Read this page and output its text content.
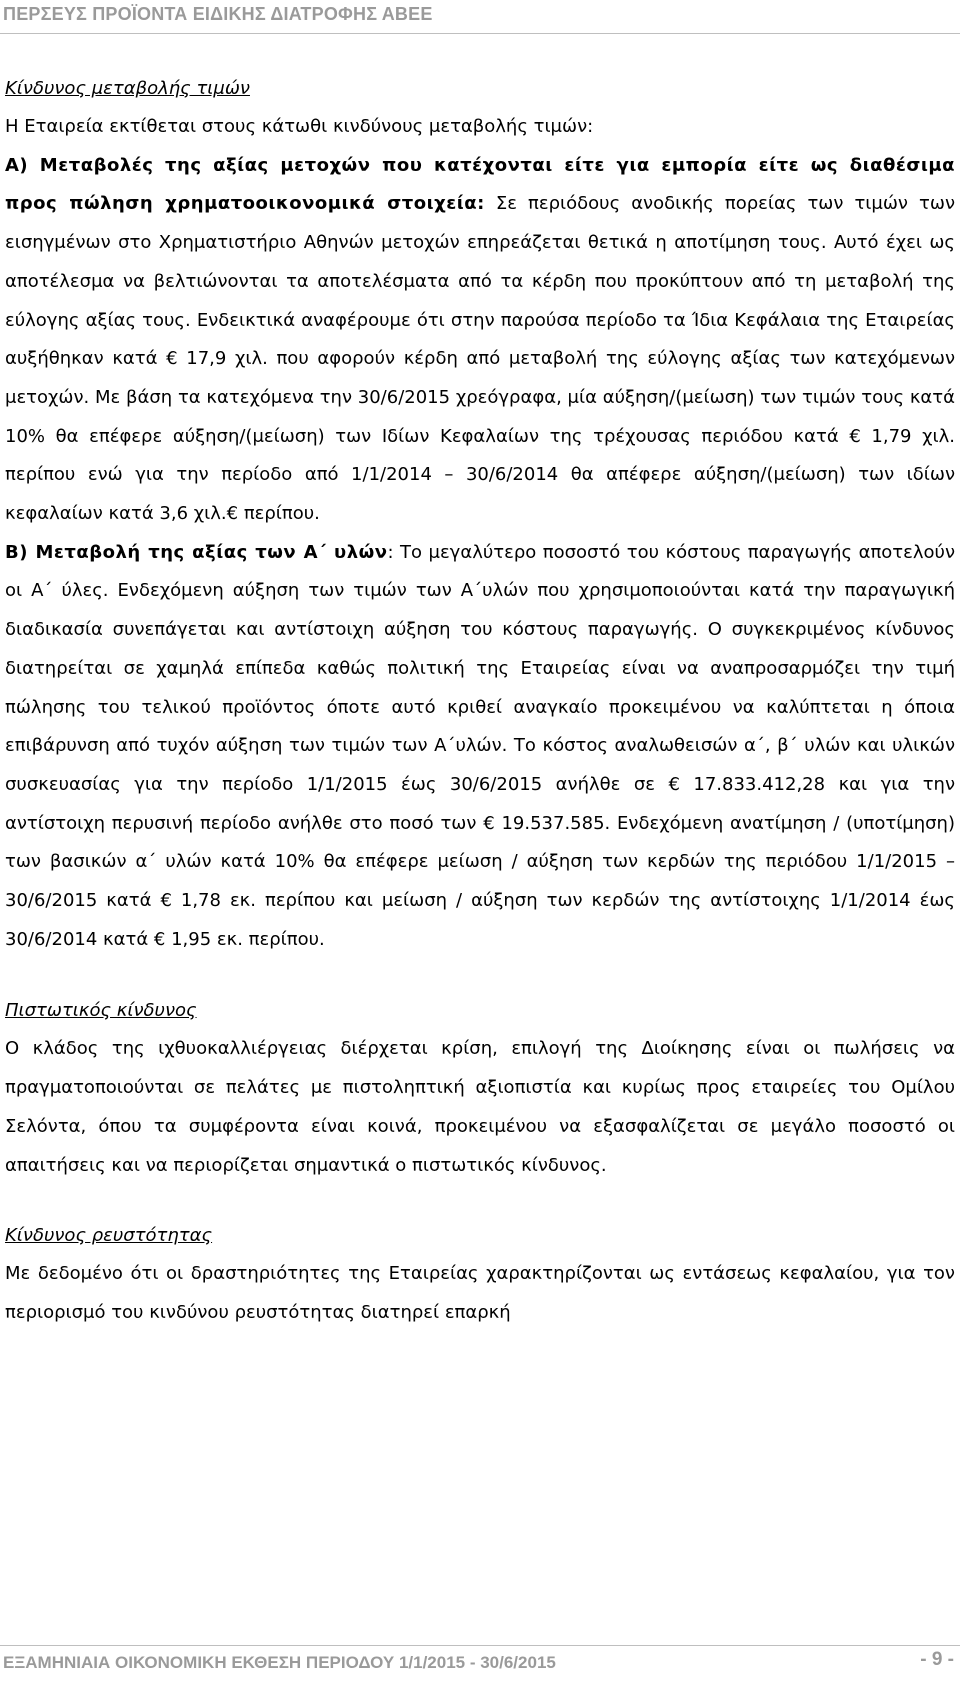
ΠΕΡΣΕΥΣ ΠΡΟΪΟΝΤΑ ΕΙΔΙΚΗΣ ΔΙΑΤΡΟΦΗΣ ΑΒΕΕ
Κίνδυνος μεταβολής τιμών

Η Εταιρεία εκτίθεται στους κάτωθι κινδύνους μεταβολής τιμών:

Α) Μεταβολές της αξίας μετοχών που κατέχονται είτε για εμπορία είτε ως διαθέσιμα προς πώληση χρηματοοικονομικά στοιχεία: Σε περιόδους ανοδικής πορείας των τιμών των εισηγμένων στο Χρηματιστήριο Αθηνών μετοχών επηρεάζεται θετικά η αποτίμηση τους. Αυτό έχει ως αποτέλεσμα να βελτιώνονται τα αποτελέσματα από τα κέρδη που προκύπτουν από τη μεταβολή της εύλογης αξίας τους. Ενδεικτικά αναφέρουμε ότι στην παρούσα περίοδο τα Ίδια Κεφάλαια της Εταιρείας αυξήθηκαν κατά € 17,9 χιλ. που αφορούν κέρδη από μεταβολή της εύλογης αξίας των κατεχόμενων μετοχών. Με βάση τα κατεχόμενα την 30/6/2015 χρεόγραφα, μία αύξηση/(μείωση) των τιμών τους κατά 10% θα επέφερε αύξηση/(μείωση) των Ιδίων Κεφαλαίων της τρέχουσας περιόδου κατά € 1,79 χιλ. περίπου ενώ για την περίοδο από 1/1/2014 – 30/6/2014 θα απέφερε αύξηση/(μείωση) των ιδίων κεφαλαίων κατά 3,6 χιλ.€ περίπου.

Β) Μεταβολή της αξίας των Α΄ υλών: Το μεγαλύτερο ποσοστό του κόστους παραγωγής αποτελούν οι Α΄ ύλες. Ενδεχόμενη αύξηση των τιμών των Α΄υλών που χρησιμοποιούνται κατά την παραγωγική διαδικασία συνεπάγεται και αντίστοιχη αύξηση του κόστους παραγωγής. Ο συγκεκριμένος κίνδυνος διατηρείται σε χαμηλά επίπεδα καθώς πολιτική της Εταιρείας είναι να αναπροσαρμόζει την τιμή πώλησης του τελικού προϊόντος όποτε αυτό κριθεί αναγκαίο προκειμένου να καλύπτεται η όποια επιβάρυνση από τυχόν αύξηση των τιμών των Α΄υλών. Το κόστος αναλωθεισών α΄, β΄ υλών και υλικών συσκευασίας για την περίοδο 1/1/2015 έως 30/6/2015 ανήλθε σε € 17.833.412,28 και για την αντίστοιχη περυσινή περίοδο ανήλθε στο ποσό των € 19.537.585. Ενδεχόμενη ανατίμηση / (υποτίμηση) των βασικών α΄ υλών κατά 10% θα επέφερε μείωση / αύξηση των κερδών της περιόδου 1/1/2015 – 30/6/2015 κατά € 1,78 εκ. περίπου και μείωση / αύξηση των κερδών της αντίστοιχης 1/1/2014 έως 30/6/2014 κατά € 1,95 εκ. περίπου.

Πιστωτικός κίνδυνος

Ο κλάδος της ιχθυοκαλλιέργειας διέρχεται κρίση, επιλογή της Διοίκησης είναι οι πωλήσεις να πραγματοποιούνται σε πελάτες με πιστοληπτική αξιοπιστία και κυρίως προς εταιρείες του Ομίλου Σελόντα, όπου τα συμφέροντα είναι κοινά, προκειμένου να εξασφαλίζεται σε μεγάλο ποσοστό οι απαιτήσεις και να περιορίζεται σημαντικά ο πιστωτικός κίνδυνος.

Κίνδυνος ρευστότητας

Με δεδομένο ότι οι δραστηριότητες της Εταιρείας χαρακτηρίζονται ως εντάσεως κεφαλαίου, για τον περιορισμό του κινδύνου ρευστότητας διατηρεί επαρκή

ΕΞΑΜΗΝΙΑΙΑ ΟΙΚΟΝΟΜΙΚΗ ΕΚΘΕΣΗ ΠΕΡΙΟΔΟΥ 1/1/2015 - 30/6/2015	- 9 -
